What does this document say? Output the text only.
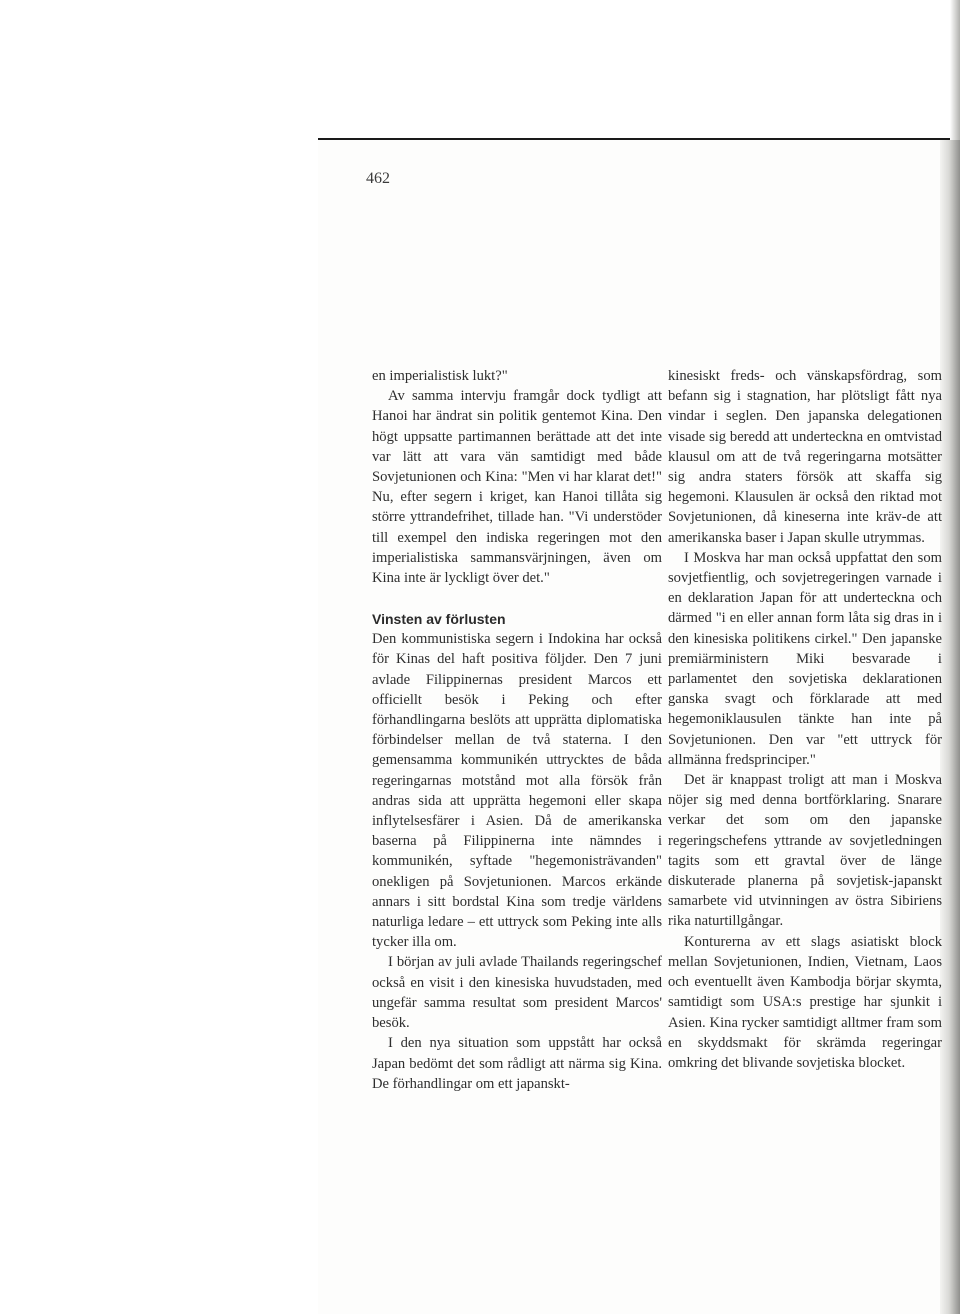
462

en imperialistisk lukt?"

Av samma intervju framgår dock tydligt att Hanoi har ändrat sin politik gentemot Kina. Den högt uppsatte partimannen berättade att det inte var lätt att vara vän samtidigt med både Sovjetunionen och Kina: "Men vi har klarat det!" Nu, efter segern i kriget, kan Hanoi tillåta sig större yttrandefrihet, tillade han. "Vi understöder till exempel den indiska regeringen mot den imperialistiska sammansvärjningen, även om Kina inte är lyckligt över det."

Vinsten av förlusten

Den kommunistiska segern i Indokina har också för Kinas del haft positiva följder. Den 7 juni avlade Filippinernas president Marcos ett officiellt besök i Peking och efter förhandlingarna beslöts att upprätta diplomatiska förbindelser mellan de två staterna. I den gemensamma kommunikén uttrycktes de båda regeringarnas motstånd mot alla försök från andras sida att upprätta hegemoni eller skapa inflytelsesfärer i Asien. Då de amerikanska baserna på Filippinerna inte nämndes i kommunikén, syftade "hegemonisträvanden" onekligen på Sovjetunionen. Marcos erkände annars i sitt bordstal Kina som tredje världens naturliga ledare – ett uttryck som Peking inte alls tycker illa om.

I början av juli avlade Thailands regeringschef också en visit i den kinesiska huvudstaden, med ungefär samma resultat som president Marcos' besök.

I den nya situation som uppstått har också Japan bedömt det som rådligt att närma sig Kina. De förhandlingar om ett japanskt-

kinesiskt freds- och vänskapsfördrag, som befann sig i stagnation, har plötsligt fått nya vindar i seglen. Den japanska delegationen visade sig beredd att underteckna en omtvistad klausul om att de två regeringarna motsätter sig andra staters försök att skaffa sig hegemoni. Klausulen är också den riktad mot Sovjetunionen, då kineserna inte kräv-de att amerikanska baser i Japan skulle utrymmas.

I Moskva har man också uppfattat den som sovjetfientlig, och sovjetregeringen varnade i en deklaration Japan för att underteckna och därmed "i en eller annan form låta sig dras in i den kinesiska politikens cirkel." Den japanske premiärministern Miki besvarade i parlamentet den sovjetiska deklarationen ganska svagt och förklarade att med hegemoniklausulen tänkte han inte på Sovjetunionen. Den var "ett uttryck för allmänna fredsprinciper."

Det är knappast troligt att man i Moskva nöjer sig med denna bortförklaring. Snarare verkar det som om den japanske regeringschefens yttrande av sovjetledningen tagits som ett gravtal över de länge diskuterade planerna på sovjetisk-japanskt samarbete vid utvinningen av östra Sibiriens rika naturtillgångar.

Konturerna av ett slags asiatiskt block mellan Sovjetunionen, Indien, Vietnam, Laos och eventuellt även Kambodja börjar skymta, samtidigt som USA:s prestige har sjunkit i Asien. Kina rycker samtidigt alltmer fram som en skyddsmakt för skrämda regeringar omkring det blivande sovjetiska blocket.
